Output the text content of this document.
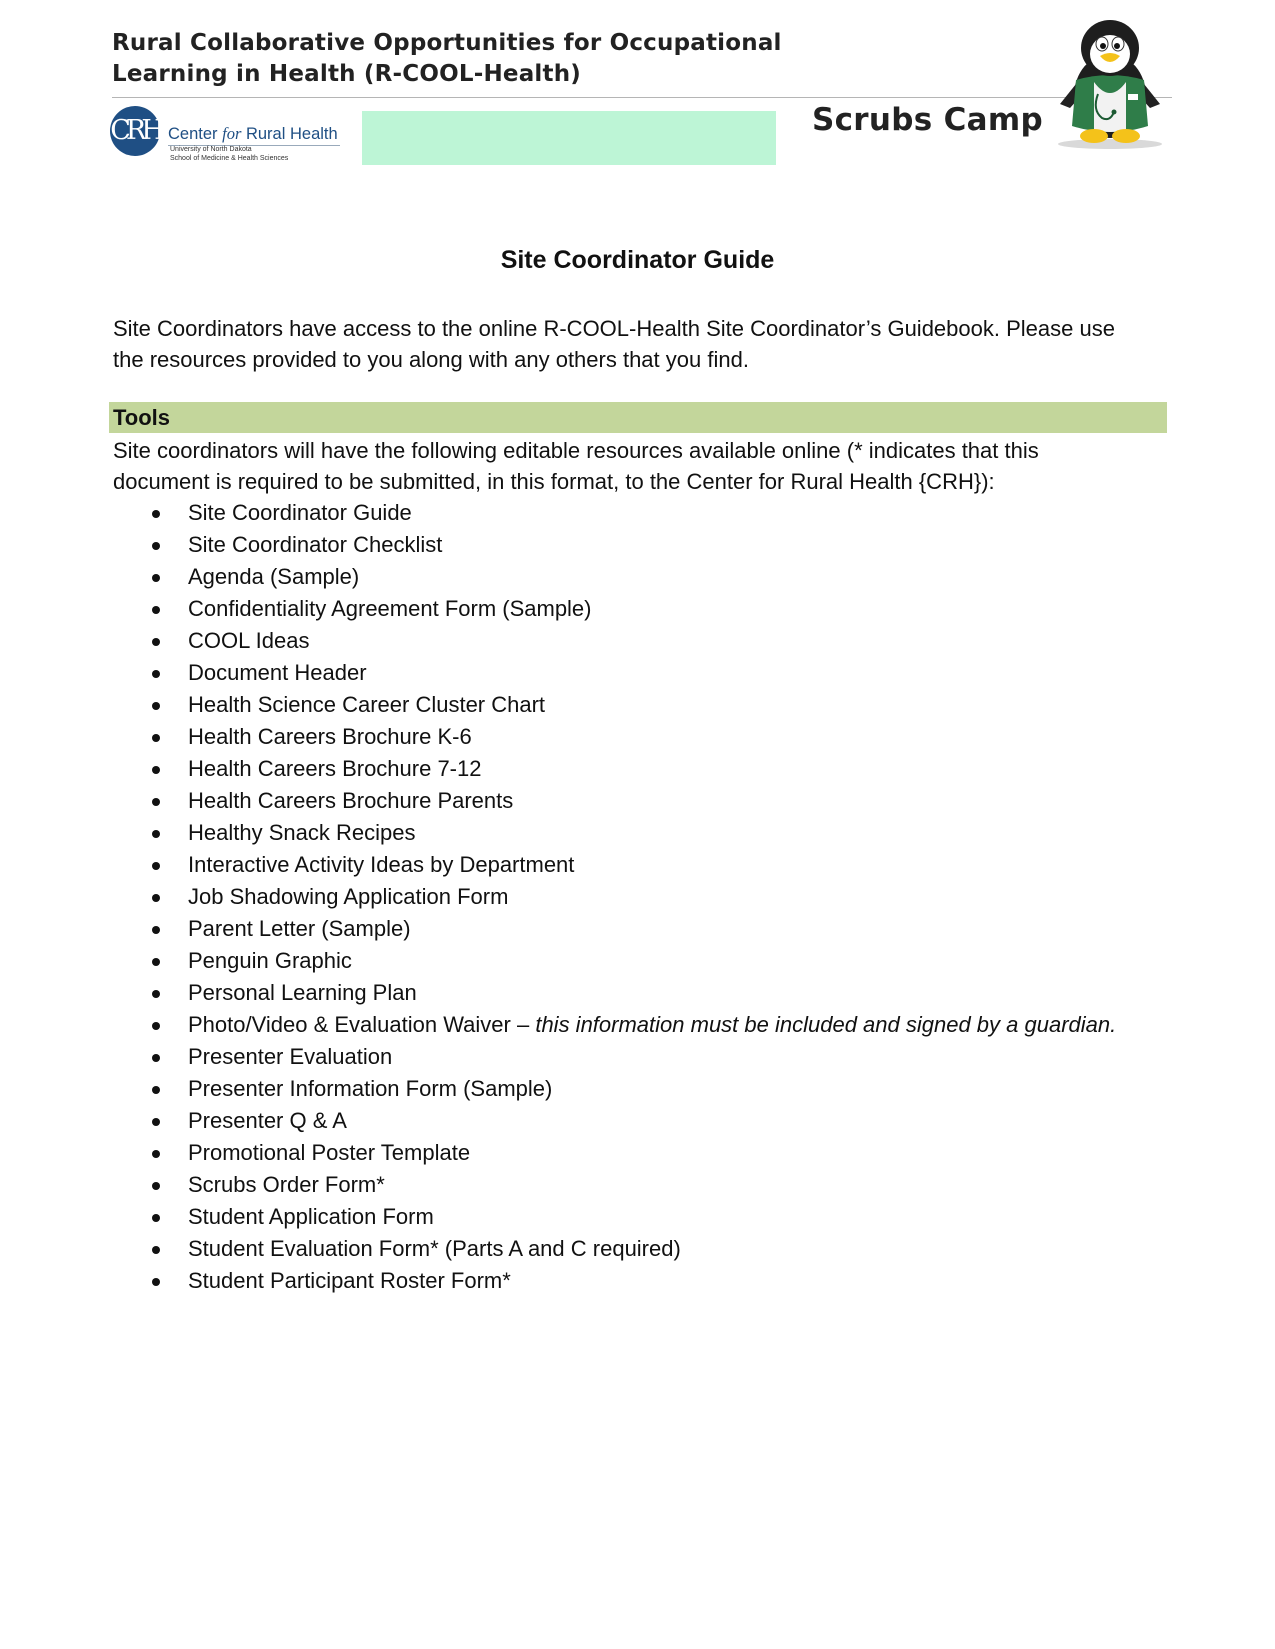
Rural Collaborative Opportunities for Occupational
Learning in Health (R-COOL-Health)
CRH Center for Rural Health
University of North Dakota
School of Medicine & Health Sciences
Scrubs Camp
Site Coordinator Guide
Site Coordinators have access to the online R-COOL-Health Site Coordinator’s Guidebook. Please use
the resources provided to you along with any others that you find.
Tools
Site coordinators will have the following editable resources available online (* indicates that this
document is required to be submitted, in this format, to the Center for Rural Health {CRH}):
Site Coordinator Guide
Site Coordinator Checklist
Agenda (Sample)
Confidentiality Agreement Form (Sample)
COOL Ideas
Document Header
Health Science Career Cluster Chart
Health Careers Brochure K-6
Health Careers Brochure 7-12
Health Careers Brochure Parents
Healthy Snack Recipes
Interactive Activity Ideas by Department
Job Shadowing Application Form
Parent Letter (Sample)
Penguin Graphic
Personal Learning Plan
Photo/Video & Evaluation Waiver – this information must be included and signed by a guardian.
Presenter Evaluation
Presenter Information Form (Sample)
Presenter Q & A
Promotional Poster Template
Scrubs Order Form*
Student Application Form
Student Evaluation Form* (Parts A and C required)
Student Participant Roster Form*
